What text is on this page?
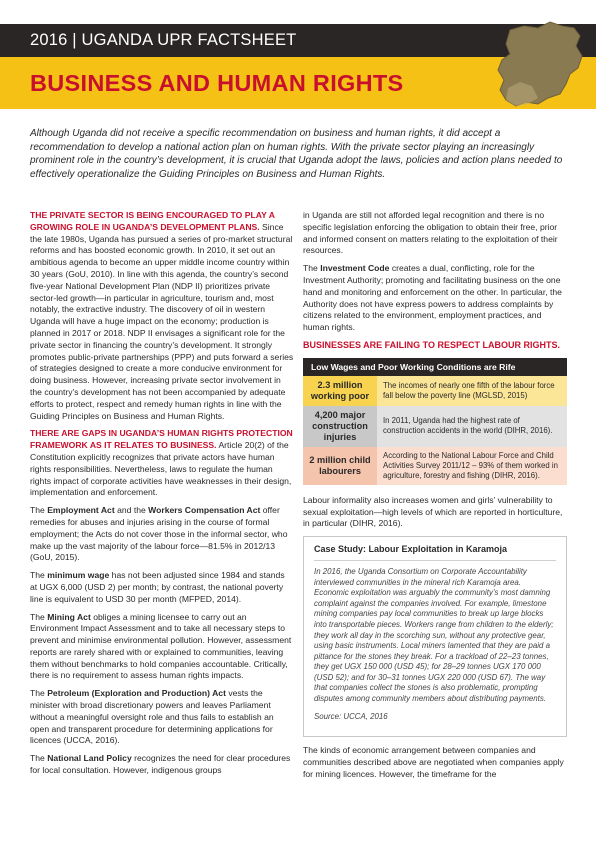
2016 | UGANDA UPR FACTSHEET
BUSINESS AND HUMAN RIGHTS
Although Uganda did not receive a specific recommendation on business and human rights, it did accept a recommendation to develop a national action plan on human rights. With the private sector playing an increasingly prominent role in the country’s development, it is crucial that Uganda adopt the laws, policies and action plans needed to effectively operationalize the Guiding Principles on Business and Human Rights.

THE PRIVATE SECTOR IS BEING ENCOURAGED TO PLAY A GROWING ROLE IN UGANDA’S DEVELOPMENT PLANS. Since the late 1980s, Uganda has pursued a series of pro-market structural reforms and has boosted economic growth. In 2010, it set out an ambitious agenda to become an upper middle income country within 30 years (GoU, 2010). In line with this agenda, the country’s second five-year National Development Plan (NDP II) prioritizes private sector-led growth—in particular in agriculture, tourism and, most notably, the extractive industry. The discovery of oil in western Uganda will have a huge impact on the economy; production is planned in 2017 or 2018. NDP II envisages a significant role for the private sector in financing the country’s development. It strongly promotes public-private partnerships (PPP) and puts forward a series of strategies designed to create a more conducive environment for doing business. However, increasing private sector involvement in the country’s development has not been accompanied by adequate efforts to protect, respect and remedy human rights in line with the Guiding Principles on Business and Human Rights.

THERE ARE GAPS IN UGANDA’S HUMAN RIGHTS PROTECTION FRAMEWORK AS IT RELATES TO BUSINESS. Article 20(2) of the Constitution explicitly recognizes that private actors have human rights responsibilities. Nevertheless, laws to regulate the human rights impact of corporate activities have weaknesses in their design, implementation and enforcement.

The Employment Act and the Workers Compensation Act offer remedies for abuses and injuries arising in the course of formal employment; the Acts do not cover those in the informal sector, who make up the vast majority of the labour force—81.5% in 2012/13 (GoU, 2015).

The minimum wage has not been adjusted since 1984 and stands at UGX 6,000 (USD 2) per month; by contrast, the national poverty line is equivalent to USD 30 per month (MFPED, 2014).

The Mining Act obliges a mining licensee to carry out an Environment Impact Assessment and to take all necessary steps to prevent and minimise environmental pollution. However, assessment reports are rarely shared with or explained to communities, leaving them without benchmarks to hold companies accountable. Critically, there is no requirement to assess human rights impacts.

The Petroleum (Exploration and Production) Act vests the minister with broad discretionary powers and leaves Parliament without a meaningful oversight role and thus fails to establish an open and transparent procedure for determining applications for licences (UCCA, 2016).

The National Land Policy recognizes the need for clear procedures for local consultation. However, indigenous groups

in Uganda are still not afforded legal recognition and there is no specific legislation enforcing the obligation to obtain their free, prior and informed consent on matters relating to the exploitation of their resources.

The Investment Code creates a dual, conflicting, role for the Investment Authority; promoting and facilitating business on the one hand and monitoring and enforcement on the other. In particular, the Authority does not have express powers to address complaints by citizens related to the environment, employment practices, and human rights.

BUSINESSES ARE FAILING TO RESPECT LABOUR RIGHTS.
Low Wages and Poor Working Conditions are Rife	
2.3 million working poor	The incomes of nearly one fifth of the labour force fall below the poverty line (MGLSD, 2015)
4,200 major construction injuries	In 2011, Uganda had the highest rate of construction accidents in the world (DIHR, 2016).
2 million child labourers	According to the National Labour Force and Child Activities Survey 2011/12 – 93% of them worked in agriculture, forestry and fishing (DIHR, 2016).

Labour informality also increases women and girls’ vulnerability to sexual exploitation—high levels of which are reported in horticulture, in particular (DIHR, 2016).

Case Study: Labour Exploitation in Karamoja

In 2016, the Uganda Consortium on Corporate Accountability interviewed communities in the mineral rich Karamoja area. Economic exploitation was arguably the community’s most damning complaint against the companies involved. For example, limestone mining companies pay local communities to break up large blocks into transportable pieces. Workers range from children to the elderly; they work all day in the scorching sun, without any protective gear, using basic instruments. Local miners lamented that they are paid a pittance for the stones they break. For a trackload of 22–23 tonnes, they get UGX 150 000 (USD 45); for 28–29 tonnes UGX 170 000 (USD 52); and for 30–31 tonnes UGX 220 000 (USD 67). The way that companies collect the stones is also problematic, prompting disputes among community members about distributing payments.

Source: UCCA, 2016

The kinds of economic arrangement between companies and communities described above are negotiated when companies apply for mining licences. However, the timeframe for the
